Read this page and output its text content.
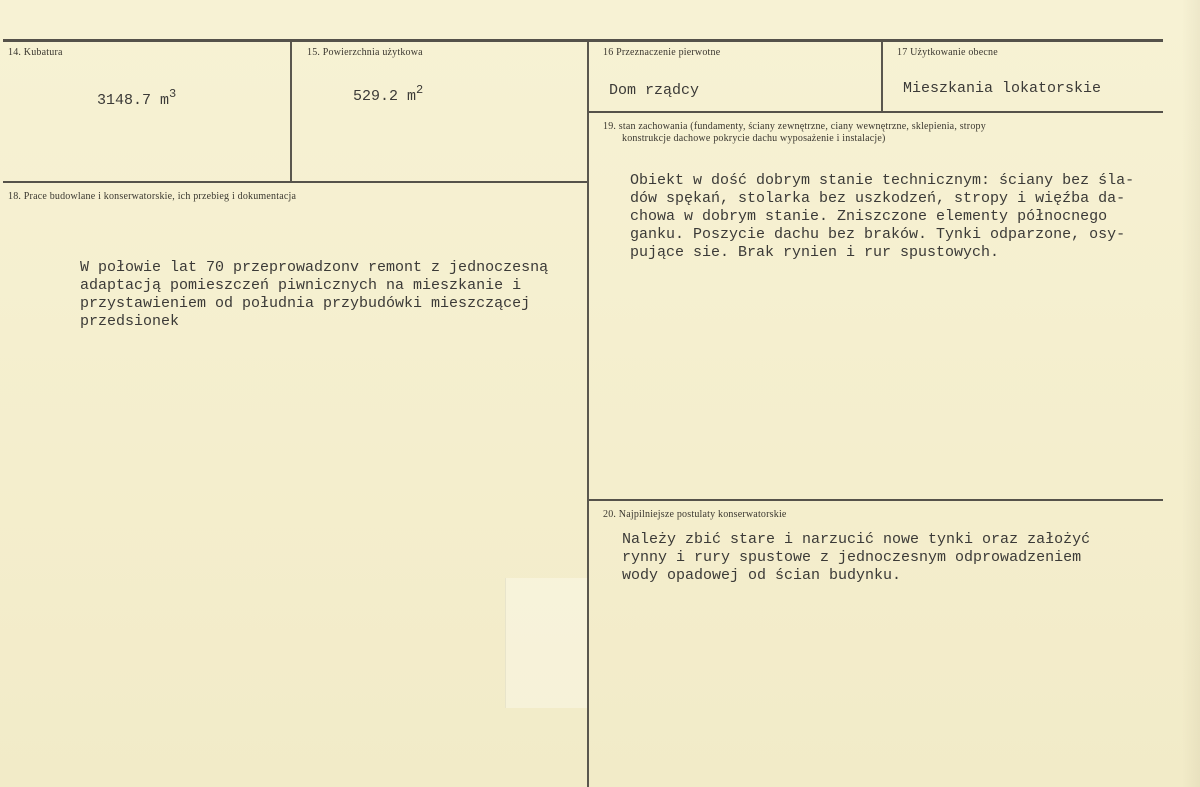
14. Kubatura
3148.7 $m^3$
15. Powierzchnia użytkowa
529.2 $m^2$
16 Przeznaczenie pierwotne
Dom rządcy
17 Użytkowanie obecne
Mieszkania lokatorskie
19. stan zachowania (fundamenty, ściany zewnętrzne, ciany wewnętrzne, sklepienia, stropy
konstrukcje dachowe pokrycie dachu wyposażenie i instalacje)
Obiekt w dość dobrym stanie technicznym: ściany bez śla-
dów spękań, stolarka bez uszkodzeń, stropy i więźba da-
chowa w dobrym stanie. Zniszczone elementy północnego
ganku. Poszycie dachu bez braków. Tynki odparzone, osy-
pujące sie. Brak rynien i rur spustowych.
18. Prace budowlane i konserwatorskie, ich przebieg i dokumentacja
W połowie lat 70 przeprowadzonv remont z jednoczesną
adaptacją pomieszczeń piwnicznych na mieszkanie i
przystawieniem od południa przybudówki mieszczącej
przedsionek
20. Najpilniejsze postulaty konserwatorskie
Należy zbić stare i narzucić nowe tynki oraz założyć
rynny i rury spustowe z jednoczesnym odprowadzeniem
wody opadowej od ścian budynku.
